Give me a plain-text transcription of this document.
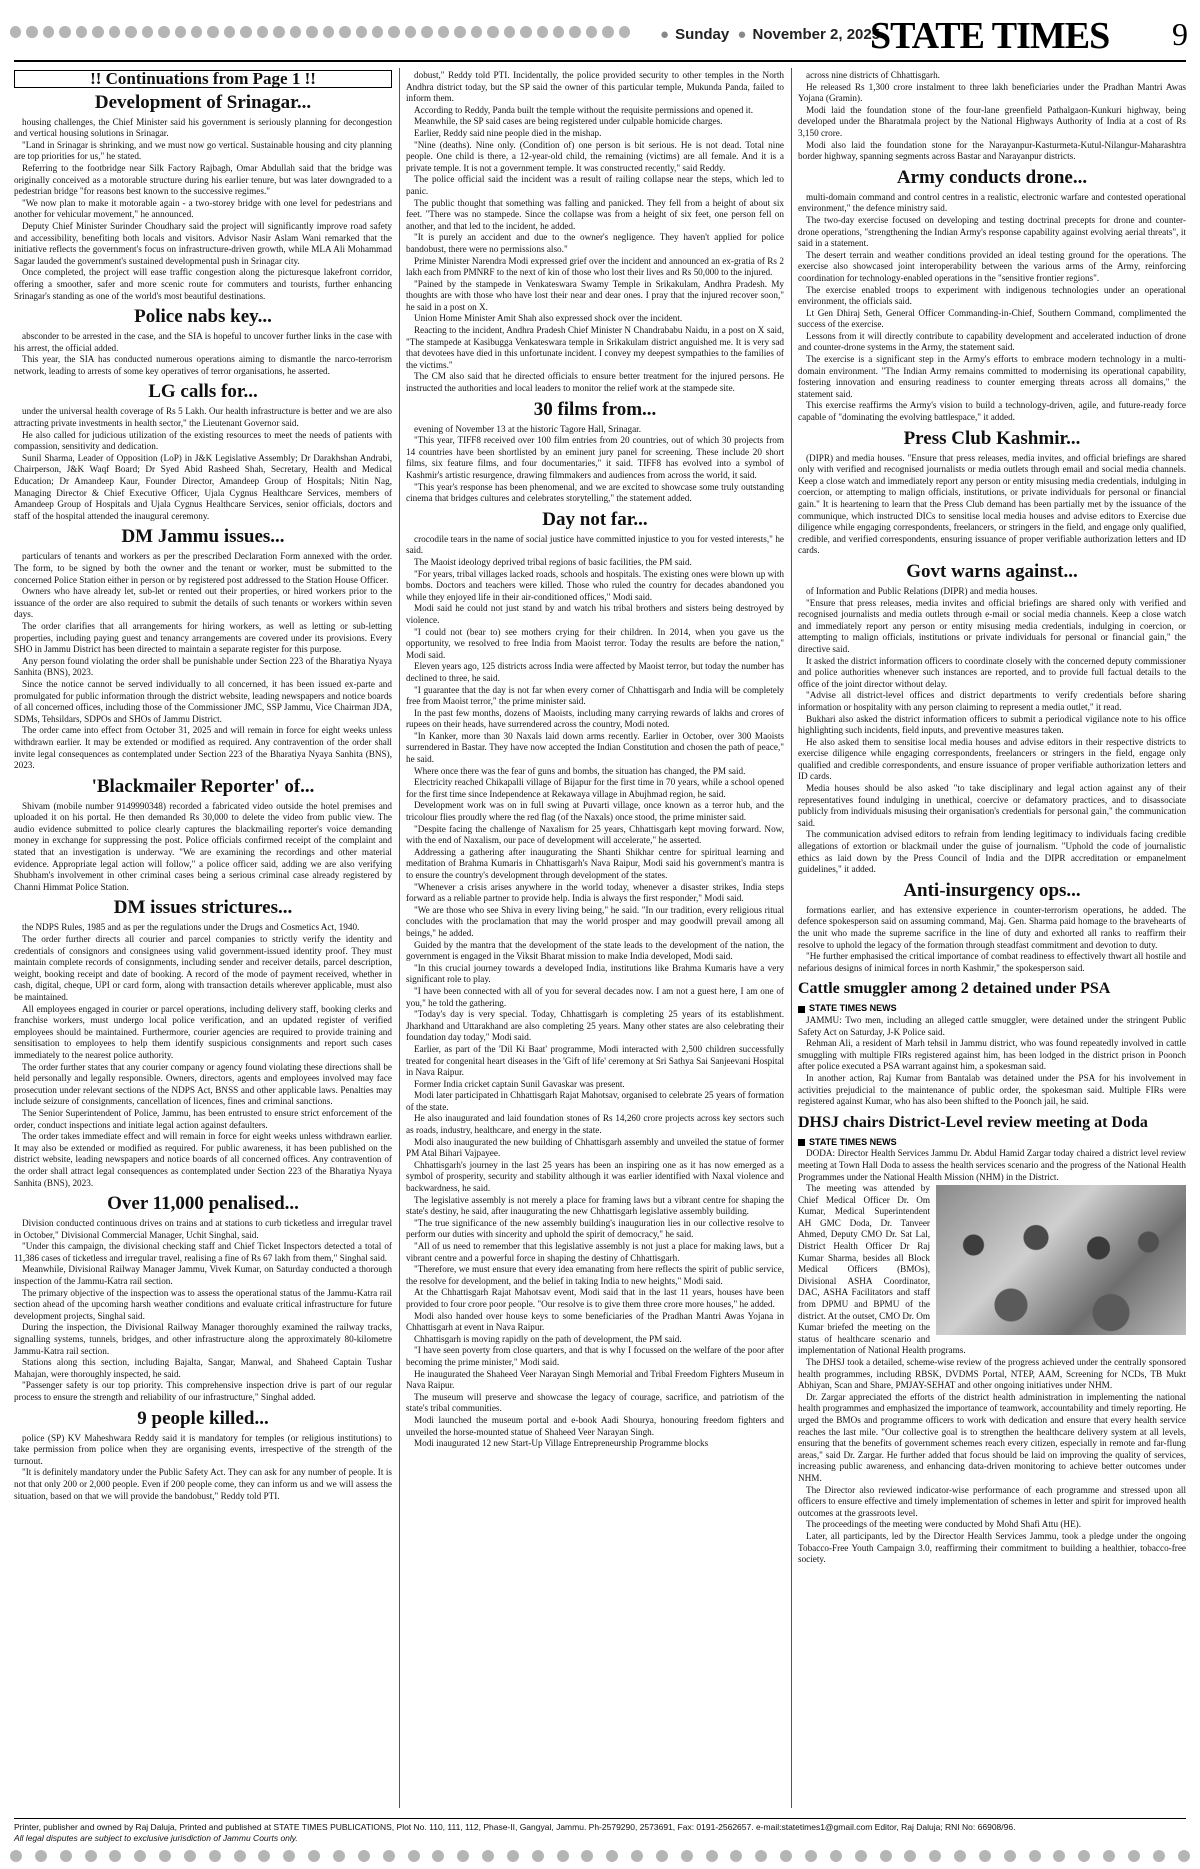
● Sunday ● November 2, 2025
STATE TIMES 9
!! Continuations from Page 1 !!
Development of Srinagar...

housing challenges, the Chief Minister said his government is seriously planning for decongestion and vertical housing solutions in Srinagar.

"Land in Srinagar is shrinking, and we must now go vertical. Sustainable housing and city planning are top priorities for us," he stated.

Referring to the footbridge near Silk Factory Rajbagh, Omar Abdullah said that the bridge was originally conceived as a motorable structure during his earlier tenure, but was later downgraded to a pedestrian bridge "for reasons best known to the successive regimes."

"We now plan to make it motorable again - a two-storey bridge with one level for pedestrians and another for vehicular movement," he announced.

Deputy Chief Minister Surinder Choudhary said the project will significantly improve road safety and accessibility, benefiting both locals and visitors. Advisor Nasir Aslam Wani remarked that the initiative reflects the government's focus on infrastructure-driven growth, while MLA Ali Mohammad Sagar lauded the government's sustained developmental push in Srinagar city.

Once completed, the project will ease traffic congestion along the picturesque lakefront corridor, offering a smoother, safer and more scenic route for commuters and tourists, further enhancing Srinagar's standing as one of the world's most beautiful destinations.

Police nabs key...

absconder to be arrested in the case, and the SIA is hopeful to uncover further links in the case with his arrest, the official added.

This year, the SIA has conducted numerous operations aiming to dismantle the narco-terrorism network, leading to arrests of some key operatives of terror organisations, he asserted.

LG calls for...

under the universal health coverage of Rs 5 Lakh. Our health infrastructure is better and we are also attracting private investments in health sector," the Lieutenant Governor said.

He also called for judicious utilization of the existing resources to meet the needs of patients with compassion, sensitivity and dedication.

Sunil Sharma, Leader of Opposition (LoP) in J&K Legislative Assembly; Dr Darakhshan Andrabi, Chairperson, J&K Waqf Board; Dr Syed Abid Rasheed Shah, Secretary, Health and Medical Education; Dr Amandeep Kaur, Founder Director, Amandeep Group of Hospitals; Nitin Nag, Managing Director & Chief Executive Officer, Ujala Cygnus Healthcare Services, members of Amandeep Group of Hospitals and Ujala Cygnus Healthcare Services, senior officials, doctors and staff of the hospital attended the inaugural ceremony.

DM Jammu issues...

particulars of tenants and workers as per the prescribed Declaration Form annexed with the order. The form, to be signed by both the owner and the tenant or worker, must be submitted to the concerned Police Station either in person or by registered post addressed to the Station House Officer.

Owners who have already let, sub-let or rented out their properties, or hired workers prior to the issuance of the order are also required to submit the details of such tenants or workers within seven days.

The order clarifies that all arrangements for hiring workers, as well as letting or sub-letting properties, including paying guest and tenancy arrangements are covered under its provisions. Every SHO in Jammu District has been directed to maintain a separate register for this purpose.

Any person found violating the order shall be punishable under Section 223 of the Bharatiya Nyaya Sanhita (BNS), 2023.

Since the notice cannot be served individually to all concerned, it has been issued ex-parte and promulgated for public information through the district website, leading newspapers and notice boards of all concerned offices, including those of the Commissioner JMC, SSP Jammu, Vice Chairman JDA, SDMs, Tehsildars, SDPOs and SHOs of Jammu District.

The order came into effect from October 31, 2025 and will remain in force for eight weeks unless withdrawn earlier. It may be extended or modified as required. Any contravention of the order shall invite legal consequences as contemplated under Section 223 of the Bharatiya Nyaya Sanhita (BNS), 2023.

'Blackmailer Reporter' of...

Shivam (mobile number 9149990348) recorded a fabricated video outside the hotel premises and uploaded it on his portal. He then demanded Rs 30,000 to delete the video from public view. The audio evidence submitted to police clearly captures the blackmailing reporter's voice demanding money in exchange for suppressing the post. Police officials confirmed receipt of the complaint and stated that an investigation is underway. "We are examining the recordings and other material evidence. Appropriate legal action will follow," a police officer said, adding we are also verifying Shubham's involvement in other criminal cases being a serious criminal case already registered by Channi Himmat Police Station.

DM issues strictures...

the NDPS Rules, 1985 and as per the regulations under the Drugs and Cosmetics Act, 1940.

The order further directs all courier and parcel companies to strictly verify the identity and credentials of consignors and consignees using valid government-issued identity proof. They must maintain complete records of consignments, including sender and receiver details, parcel description, weight, booking receipt and date of booking. A record of the mode of payment received, whether in cash, digital, cheque, UPI or card form, along with transaction details wherever applicable, must also be maintained.

All employees engaged in courier or parcel operations, including delivery staff, booking clerks and franchise workers, must undergo local police verification, and an updated register of verified employees should be maintained. Furthermore, courier agencies are required to provide training and sensitisation to employees to help them identify suspicious consignments and report such cases immediately to the nearest police authority.

The order further states that any courier company or agency found violating these directions shall be held personally and legally responsible. Owners, directors, agents and employees involved may face prosecution under relevant sections of the NDPS Act, BNSS and other applicable laws. Penalties may include seizure of consignments, cancellation of licences, fines and criminal sanctions.

The Senior Superintendent of Police, Jammu, has been entrusted to ensure strict enforcement of the order, conduct inspections and initiate legal action against defaulters.

The order takes immediate effect and will remain in force for eight weeks unless withdrawn earlier. It may also be extended or modified as required. For public awareness, it has been published on the district website, leading newspapers and notice boards of all concerned offices. Any contravention of the order shall attract legal consequences as contemplated under Section 223 of the Bharatiya Nyaya Sanhita (BNS), 2023.

Over 11,000 penalised...

Division conducted continuous drives on trains and at stations to curb ticketless and irregular travel in October," Divisional Commercial Manager, Uchit Singhal, said.

"Under this campaign, the divisional checking staff and Chief Ticket Inspectors detected a total of 11,386 cases of ticketless and irregular travel, realising a fine of Rs 67 lakh from them," Singhal said.

Meanwhile, Divisional Railway Manager Jammu, Vivek Kumar, on Saturday conducted a thorough inspection of the Jammu-Katra rail section.

The primary objective of the inspection was to assess the operational status of the Jammu-Katra rail section ahead of the upcoming harsh weather conditions and evaluate critical infrastructure for future development projects, Singhal said.

During the inspection, the Divisional Railway Manager thoroughly examined the railway tracks, signalling systems, tunnels, bridges, and other infrastructure along the approximately 80-kilometre Jammu-Katra rail section.

Stations along this section, including Bajalta, Sangar, Manwal, and Shaheed Captain Tushar Mahajan, were thoroughly inspected, he said.

"Passenger safety is our top priority. This comprehensive inspection drive is part of our regular process to ensure the strength and reliability of our infrastructure," Singhal added.

9 people killed...

police (SP) KV Maheshwara Reddy said it is mandatory for temples (or religious institutions) to take permission from police when they are organising events, irrespective of the strength of the turnout.

"It is definitely mandatory under the Public Safety Act. They can ask for any number of people. It is not that only 200 or 2,000 people. Even if 200 people come, they can inform us and we will assess the situation, based on that we will provide the bandobust," Reddy told PTI.

dobust," Reddy told PTI. Incidentally, the police provided security to other temples in the North Andhra district today, but the SP said the owner of this particular temple, Mukunda Panda, failed to inform them.

According to Reddy, Panda built the temple without the requisite permissions and opened it.

Meanwhile, the SP said cases are being registered under culpable homicide charges.

Earlier, Reddy said nine people died in the mishap.

"Nine (deaths). Nine only. (Condition of) one person is bit serious. He is not dead. Total nine people. One child is there, a 12-year-old child, the remaining (victims) are all female. And it is a private temple. It is not a government temple. It was constructed recently," said Reddy.

The police official said the incident was a result of railing collapse near the steps, which led to panic.

The public thought that something was falling and panicked. They fell from a height of about six feet. "There was no stampede. Since the collapse was from a height of six feet, one person fell on another, and that led to the incident, he added.

"It is purely an accident and due to the owner's negligence. They haven't applied for police bandobust, there were no permissions also."

Prime Minister Narendra Modi expressed grief over the incident and announced an ex-gratia of Rs 2 lakh each from PMNRF to the next of kin of those who lost their lives and Rs 50,000 to the injured.

"Pained by the stampede in Venkateswara Swamy Temple in Srikakulam, Andhra Pradesh. My thoughts are with those who have lost their near and dear ones. I pray that the injured recover soon," he said in a post on X.

Union Home Minister Amit Shah also expressed shock over the incident.

Reacting to the incident, Andhra Pradesh Chief Minister N Chandrababu Naidu, in a post on X said, "The stampede at Kasibugga Venkateswara temple in Srikakulam district anguished me. It is very sad that devotees have died in this unfortunate incident. I convey my deepest sympathies to the families of the victims."

The CM also said that he directed officials to ensure better treatment for the injured persons. He instructed the authorities and local leaders to monitor the relief work at the stampede site.

30 films from...

evening of November 13 at the historic Tagore Hall, Srinagar.

"This year, TIFF8 received over 100 film entries from 20 countries, out of which 30 projects from 14 countries have been shortlisted by an eminent jury panel for screening. These include 20 short films, six feature films, and four documentaries," it said. TIFF8 has evolved into a symbol of Kashmir's artistic resurgence, drawing filmmakers and audiences from across the world, it said.

"This year's response has been phenomenal, and we are excited to showcase some truly outstanding cinema that bridges cultures and celebrates storytelling," the statement added.

Day not far...

crocodile tears in the name of social justice have committed injustice to you for vested interests," he said.

The Maoist ideology deprived tribal regions of basic facilities, the PM said.

"For years, tribal villages lacked roads, schools and hospitals. The existing ones were blown up with bombs. Doctors and teachers were killed. Those who ruled the country for decades abandoned you while they enjoyed life in their air-conditioned offices," Modi said.

Modi said he could not just stand by and watch his tribal brothers and sisters being destroyed by violence.

"I could not (bear to) see mothers crying for their children. In 2014, when you gave us the opportunity, we resolved to free India from Maoist terror. Today the results are before the nation," Modi said.

Eleven years ago, 125 districts across India were affected by Maoist terror, but today the number has declined to three, he said.

"I guarantee that the day is not far when every corner of Chhattisgarh and India will be completely free from Maoist terror," the prime minister said.

In the past few months, dozens of Maoists, including many carrying rewards of lakhs and crores of rupees on their heads, have surrendered across the country, Modi noted.

"In Kanker, more than 30 Naxals laid down arms recently. Earlier in October, over 300 Maoists surrendered in Bastar. They have now accepted the Indian Constitution and chosen the path of peace," he said.

Where once there was the fear of guns and bombs, the situation has changed, the PM said.

Electricity reached Chikapalli village of Bijapur for the first time in 70 years, while a school opened for the first time since Independence at Rekawaya village in Abujhmad region, he said.

Development work was on in full swing at Puvarti village, once known as a terror hub, and the tricolour flies proudly where the red flag (of the Naxals) once stood, the prime minister said.

"Despite facing the challenge of Naxalism for 25 years, Chhattisgarh kept moving forward. Now, with the end of Naxalism, our pace of development will accelerate," he asserted.

Addressing a gathering after inaugurating the Shanti Shikhar centre for spiritual learning and meditation of Brahma Kumaris in Chhattisgarh's Nava Raipur, Modi said his government's mantra is to ensure the country's development through development of the states.

"Whenever a crisis arises anywhere in the world today, whenever a disaster strikes, India steps forward as a reliable partner to provide help. India is always the first responder," Modi said.

"We are those who see Shiva in every living being," he said. "In our tradition, every religious ritual concludes with the proclamation that may the world prosper and may goodwill prevail among all beings," he added.

Guided by the mantra that the development of the state leads to the development of the nation, the government is engaged in the Viksit Bharat mission to make India developed, Modi said.

"In this crucial journey towards a developed India, institutions like Brahma Kumaris have a very significant role to play.

"I have been connected with all of you for several decades now. I am not a guest here, I am one of you," he told the gathering.

"Today's day is very special. Today, Chhattisgarh is completing 25 years of its establishment. Jharkhand and Uttarakhand are also completing 25 years. Many other states are also celebrating their foundation day today," Modi said.

Earlier, as part of the 'Dil Ki Baat' programme, Modi interacted with 2,500 children successfully treated for congenital heart diseases in the 'Gift of life' ceremony at Sri Sathya Sai Sanjeevani Hospital in Nava Raipur.

Former India cricket captain Sunil Gavaskar was present.

Modi later participated in Chhattisgarh Rajat Mahotsav, organised to celebrate 25 years of formation of the state.

He also inaugurated and laid foundation stones of Rs 14,260 crore projects across key sectors such as roads, industry, healthcare, and energy in the state.

Modi also inaugurated the new building of Chhattisgarh assembly and unveiled the statue of former PM Atal Bihari Vajpayee.

Chhattisgarh's journey in the last 25 years has been an inspiring one as it has now emerged as a symbol of prosperity, security and stability although it was earlier identified with Naxal violence and backwardness, he said.

The legislative assembly is not merely a place for framing laws but a vibrant centre for shaping the state's destiny, he said, after inaugurating the new Chhattisgarh legislative assembly building.

"The true significance of the new assembly building's inauguration lies in our collective resolve to perform our duties with sincerity and uphold the spirit of democracy," he said.

"All of us need to remember that this legislative assembly is not just a place for making laws, but a vibrant centre and a powerful force in shaping the destiny of Chhattisgarh.

"Therefore, we must ensure that every idea emanating from here reflects the spirit of public service, the resolve for development, and the belief in taking India to new heights," Modi said.

At the Chhattisgarh Rajat Mahotsav event, Modi said that in the last 11 years, houses have been provided to four crore poor people. "Our resolve is to give them three crore more houses," he added.

Modi also handed over house keys to some beneficiaries of the Pradhan Mantri Awas Yojana in Chhattisgarh at event in Nava Raipur.

Chhattisgarh is moving rapidly on the path of development, the PM said.

"I have seen poverty from close quarters, and that is why I focussed on the welfare of the poor after becoming the prime minister," Modi said.

He inaugurated the Shaheed Veer Narayan Singh Memorial and Tribal Freedom Fighters Museum in Nava Raipur.

The museum will preserve and showcase the legacy of courage, sacrifice, and patriotism of the state's tribal communities.

Modi launched the museum portal and e-book Aadi Shourya, honouring freedom fighters and unveiled the horse-mounted statue of Shaheed Veer Narayan Singh.

Modi inaugurated 12 new Start-Up Village Entrepreneurship Programme blocks

across nine districts of Chhattisgarh.

He released Rs 1,300 crore instalment to three lakh beneficiaries under the Pradhan Mantri Awas Yojana (Gramin).

Modi laid the foundation stone of the four-lane greenfield Pathalgaon-Kunkuri highway, being developed under the Bharatmala project by the National Highways Authority of India at a cost of Rs 3,150 crore.

Modi also laid the foundation stone for the Narayanpur-Kasturmeta-Kutul-Nilangur-Maharashtra border highway, spanning segments across Bastar and Narayanpur districts.

Army conducts drone...

multi-domain command and control centres in a realistic, electronic warfare and contested operational environment," the defence ministry said.

The two-day exercise focused on developing and testing doctrinal precepts for drone and counter-drone operations, "strengthening the Indian Army's response capability against evolving aerial threats", it said in a statement.

The desert terrain and weather conditions provided an ideal testing ground for the operations. The exercise also showcased joint interoperability between the various arms of the Army, reinforcing coordination for technology-enabled operations in the "sensitive frontier regions".

The exercise enabled troops to experiment with indigenous technologies under an operational environment, the officials said.

Lt Gen Dhiraj Seth, General Officer Commanding-in-Chief, Southern Command, complimented the success of the exercise.

Lessons from it will directly contribute to capability development and accelerated induction of drone and counter-drone systems in the Army, the statement said.

The exercise is a significant step in the Army's efforts to embrace modern technology in a multi-domain environment. "The Indian Army remains committed to modernising its operational capability, fostering innovation and ensuring readiness to counter emerging threats across all domains," the statement said.

This exercise reaffirms the Army's vision to build a technology-driven, agile, and future-ready force capable of "dominating the evolving battlespace," it added.

Press Club Kashmir...

(DIPR) and media houses. "Ensure that press releases, media invites, and official briefings are shared only with verified and recognised journalists or media outlets through email and social media channels. Keep a close watch and immediately report any person or entity misusing media credentials, indulging in coercion, or attempting to malign officials, institutions, or private individuals for personal or financial gain." It is heartening to learn that the Press Club demand has been partially met by the issuance of the communique, which instructed DICs to sensitise local media houses and advise editors to Exercise due diligence while engaging correspondents, freelancers, or stringers in the field, and engage only qualified, credible, and verified correspondents, ensuring issuance of proper verifiable authorization letters and ID cards.

Govt warns against...

of Information and Public Relations (DIPR) and media houses.

"Ensure that press releases, media invites and official briefings are shared only with verified and recognised journalists and media outlets through e-mail or social media channels. Keep a close watch and immediately report any person or entity misusing media credentials, indulging in coercion, or attempting to malign officials, institutions or private individuals for personal or financial gain," the directive said.

It asked the district information officers to coordinate closely with the concerned deputy commissioner and police authorities whenever such instances are reported, and to provide full factual details to the office of the joint director without delay.

"Advise all district-level offices and district departments to verify credentials before sharing information or hospitality with any person claiming to represent a media outlet," it read.

Bukhari also asked the district information officers to submit a periodical vigilance note to his office highlighting such incidents, field inputs, and preventive measures taken.

He also asked them to sensitise local media houses and advise editors in their respective districts to exercise diligence while engaging correspondents, freelancers or stringers in the field, engage only qualified and credible correspondents, and ensure issuance of proper verifiable authorization letters and ID cards.

Media houses should be also asked "to take disciplinary and legal action against any of their representatives found indulging in unethical, coercive or defamatory practices, and to disassociate publicly from individuals misusing their organisation's credentials for personal gain," the communication said.

The communication advised editors to refrain from lending legitimacy to individuals facing credible allegations of extortion or blackmail under the guise of journalism. "Uphold the code of journalistic ethics as laid down by the Press Council of India and the DIPR accreditation or empanelment guidelines," it added.

Anti-insurgency ops...

formations earlier, and has extensive experience in counter-terrorism operations, he added. The defence spokesperson said on assuming command, Maj. Gen. Sharma paid homage to the bravehearts of the unit who made the supreme sacrifice in the line of duty and exhorted all ranks to reaffirm their resolve to uphold the legacy of the formation through steadfast commitment and devotion to duty.

"He further emphasised the critical importance of combat readiness to effectively thwart all hostile and nefarious designs of inimical forces in north Kashmir," the spokesperson said.

Cattle smuggler among 2 detained under PSA
STATE TIMES NEWS

JAMMU: Two men, including an alleged cattle smuggler, were detained under the stringent Public Safety Act on Saturday, J-K Police said.

Rehman Ali, a resident of Marh tehsil in Jammu district, who was found repeatedly involved in cattle smuggling with multiple FIRs registered against him, has been lodged in the district prison in Poonch after police executed a PSA warrant against him, a spokesman said.

In another action, Raj Kumar from Bantalab was detained under the PSA for his involvement in activities prejudicial to the maintenance of public order, the spokesman said. Multiple FIRs were registered against Kumar, who has also been shifted to the Poonch jail, he said.

DHSJ chairs District-Level review meeting at Doda
STATE TIMES NEWS

DODA: Director Health Services Jammu Dr. Abdul Hamid Zargar today chaired a district level review meeting at Town Hall Doda to assess the health services scenario and the progress of the National Health Programmes under the National Health Mission (NHM) in the District.

The meeting was attended by Chief Medical Officer Dr. Om Kumar, Medical Superintendent AH GMC Doda, Dr. Tanveer Ahmed, Deputy CMO Dr. Sat Lal, District Health Officer Dr Raj Kumar Sharma, besides all Block Medical Officers (BMOs), Divisional ASHA Coordinator, DAC, ASHA Facilitators and staff from DPMU and BPMU of the district. At the outset, CMO Dr. Om Kumar briefed the meeting on the status of healthcare scenario and implementation of National Health programs.

The DHSJ took a detailed, scheme-wise review of the progress achieved under the centrally sponsored health programmes, including RBSK, DVDMS Portal, NTEP, AAM, Screening for NCDs, TB Mukt Abhiyan, Scan and Share, PMJAY-SEHAT and other ongoing initiatives under NHM.

Dr. Zargar appreciated the efforts of the district health administration in implementing the national health programmes and emphasized the importance of teamwork, accountability and timely reporting. He urged the BMOs and programme officers to work with dedication and ensure that every health service reaches the last mile. "Our collective goal is to strengthen the healthcare delivery system at all levels, ensuring that the benefits of government schemes reach every citizen, especially in remote and far-flung areas," said Dr. Zargar. He further added that focus should be laid on improving the quality of services, increasing public awareness, and enhancing data-driven monitoring to achieve better outcomes under NHM.

The Director also reviewed indicator-wise performance of each programme and stressed upon all officers to ensure effective and timely implementation of schemes in letter and spirit for improved health outcomes at the grassroots level.

The proceedings of the meeting were conducted by Mohd Shafi Attu (HE).

Later, all participants, led by the Director Health Services Jammu, took a pledge under the ongoing Tobacco-Free Youth Campaign 3.0, reaffirming their commitment to building a healthier, tobacco-free society.

Printer, publisher and owned by Raj Daluja, Printed and published at STATE TIMES PUBLICATIONS, Plot No. 110, 111, 112, Phase-II, Gangyal, Jammu. Ph-2579290, 2573691, Fax: 0191-2562657. e-mail:statetimes1@gmail.com Editor, Raj Daluja; RNI No: 66908/96.
All legal disputes are subject to exclusive jurisdiction of Jammu Courts only.
